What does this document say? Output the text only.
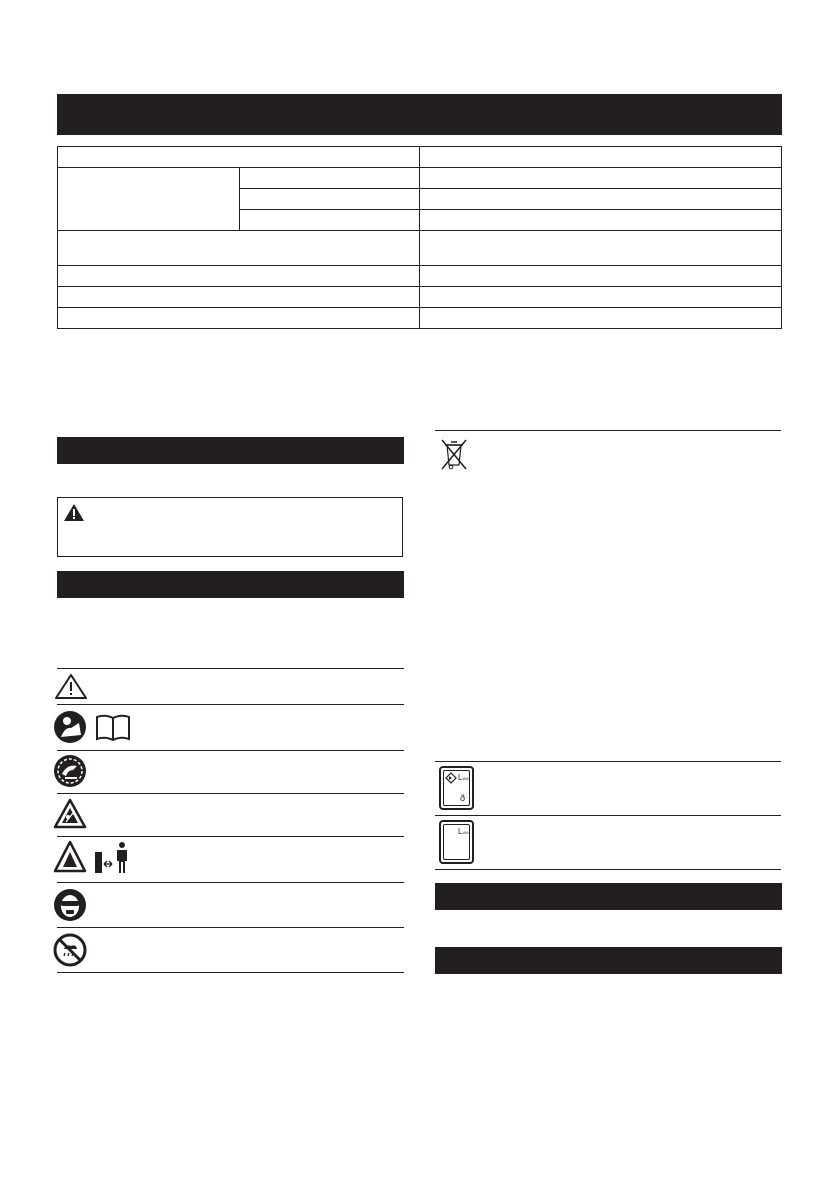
LWA
ð
LWA
